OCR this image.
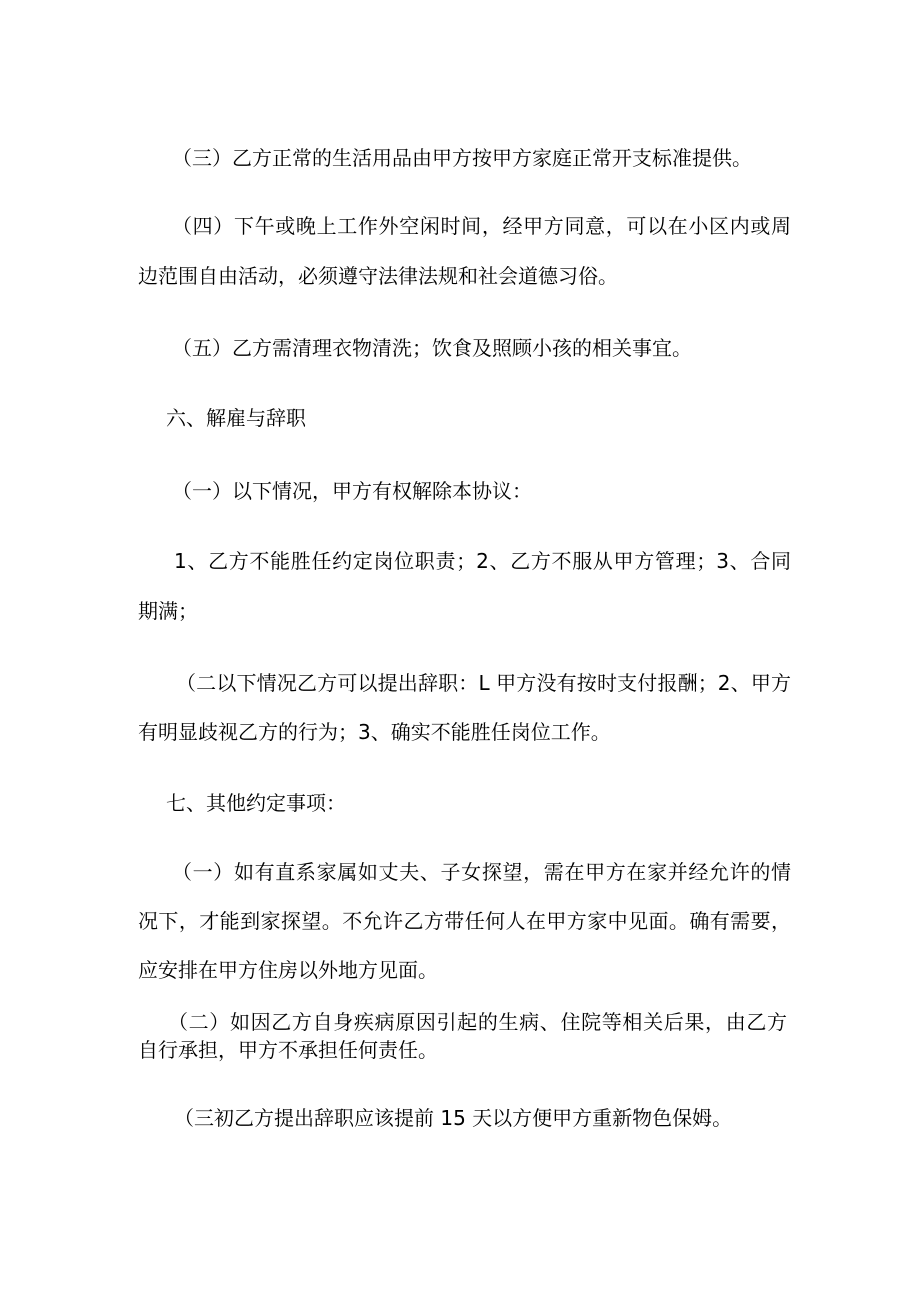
（三）乙方正常的生活用品由甲方按甲方家庭正常开支标准提供。

（四）下午或晚上工作外空闲时间，经甲方同意，可以在小区内或周

边范围自由活动，必须遵守法律法规和社会道德习俗。

（五）乙方需清理衣物清洗；饮食及照顾小孩的相关事宜。

六、解雇与辞职

（一）以下情况，甲方有权解除本协议：

1、乙方不能胜任约定岗位职责；2、乙方不服从甲方管理；3、合同

期满；

（二以下情况乙方可以提出辞职：L 甲方没有按时支付报酬；2、甲方

有明显歧视乙方的行为；3、确实不能胜任岗位工作。

七、其他约定事项：

（一）如有直系家属如丈夫、子女探望，需在甲方在家并经允许的情

况下，才能到家探望。不允许乙方带任何人在甲方家中见面。确有需要，

应安排在甲方住房以外地方见面。

（二）如因乙方自身疾病原因引起的生病、住院等相关后果，由乙方

自行承担，甲方不承担任何责任。

（三初乙方提出辞职应该提前 15 天以方便甲方重新物色保姆。
